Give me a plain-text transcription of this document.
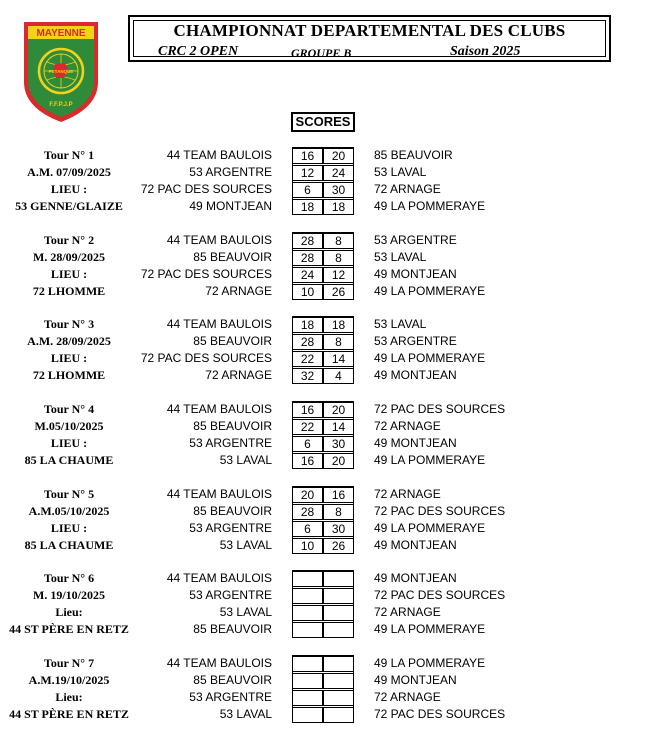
MAYENNE
PETANQUE
F.F.P.J.P
CHAMPIONNAT DEPARTEMENTAL DES CLUBS
CRC 2 OPEN	GROUPE B	Saison 2025
SCORES
Tour N° 1
A.M. 07/09/2025
LIEU :
53 GENNE/GLAIZE
44 TEAM BAULOIS	16	20	85 BEAUVOIR
53 ARGENTRE	12	24	53 LAVAL
72 PAC DES SOURCES	6	30	72 ARNAGE
49 MONTJEAN	18	18	49 LA POMMERAYE
Tour N° 2
M. 28/09/2025
LIEU :
72 LHOMME
44 TEAM BAULOIS	28	8	53 ARGENTRE
85 BEAUVOIR	28	8	53 LAVAL
72 PAC DES SOURCES	24	12	49 MONTJEAN
72 ARNAGE	10	26	49 LA POMMERAYE
Tour N° 3
A.M. 28/09/2025
LIEU :
72 LHOMME
44 TEAM BAULOIS	18	18	53 LAVAL
85 BEAUVOIR	28	8	53 ARGENTRE
72 PAC DES SOURCES	22	14	49 LA POMMERAYE
72 ARNAGE	32	4	49 MONTJEAN
Tour N° 4
M.05/10/2025
LIEU :
85 LA CHAUME
44 TEAM BAULOIS	16	20	72 PAC DES SOURCES
85 BEAUVOIR	22	14	72 ARNAGE
53 ARGENTRE	6	30	49 MONTJEAN
53 LAVAL	16	20	49 LA POMMERAYE
Tour N° 5
A.M.05/10/2025
LIEU :
85 LA CHAUME
44 TEAM BAULOIS	20	16	72 ARNAGE
85 BEAUVOIR	28	8	72 PAC DES SOURCES
53 ARGENTRE	6	30	49 LA POMMERAYE
53 LAVAL	10	26	49 MONTJEAN
Tour N° 6
M. 19/10/2025
Lieu:
44 ST PÈRE EN RETZ
44 TEAM BAULOIS	49 MONTJEAN
53 ARGENTRE	72 PAC DES SOURCES
53 LAVAL	72 ARNAGE
85 BEAUVOIR	49 LA POMMERAYE
Tour N° 7
A.M.19/10/2025
Lieu:
44 ST PÈRE EN RETZ
44 TEAM BAULOIS	49 LA POMMERAYE
85 BEAUVOIR	49 MONTJEAN
53 ARGENTRE	72 ARNAGE
53 LAVAL	72 PAC DES SOURCES
